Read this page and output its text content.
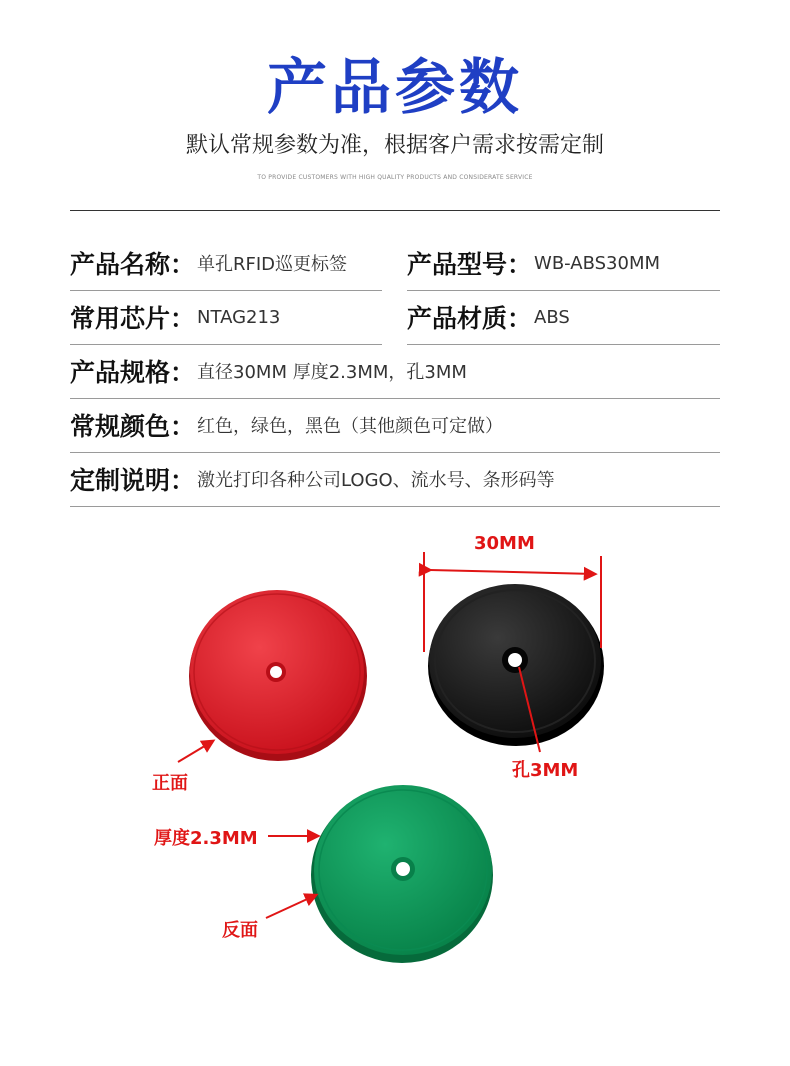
产品参数
默认常规参数为准，根据客户需求按需定制
TO PROVIDE CUSTOMERS WITH HIGH QUALITY PRODUCTS AND CONSIDERATE SERVICE
产品名称： 单孔RFID巡更标签 产品型号： WB-ABS30MM
常用芯片： NTAG213	产品材质： ABS
产品规格： 直径30MM 厚度2.3MM，孔3MM
常规颜色： 红色，绿色，黑色（其他颜色可定做）
定制说明： 激光打印各种公司LOGO、流水号、条形码等
30MM
孔3MM
正面
厚度2.3MM
反面
